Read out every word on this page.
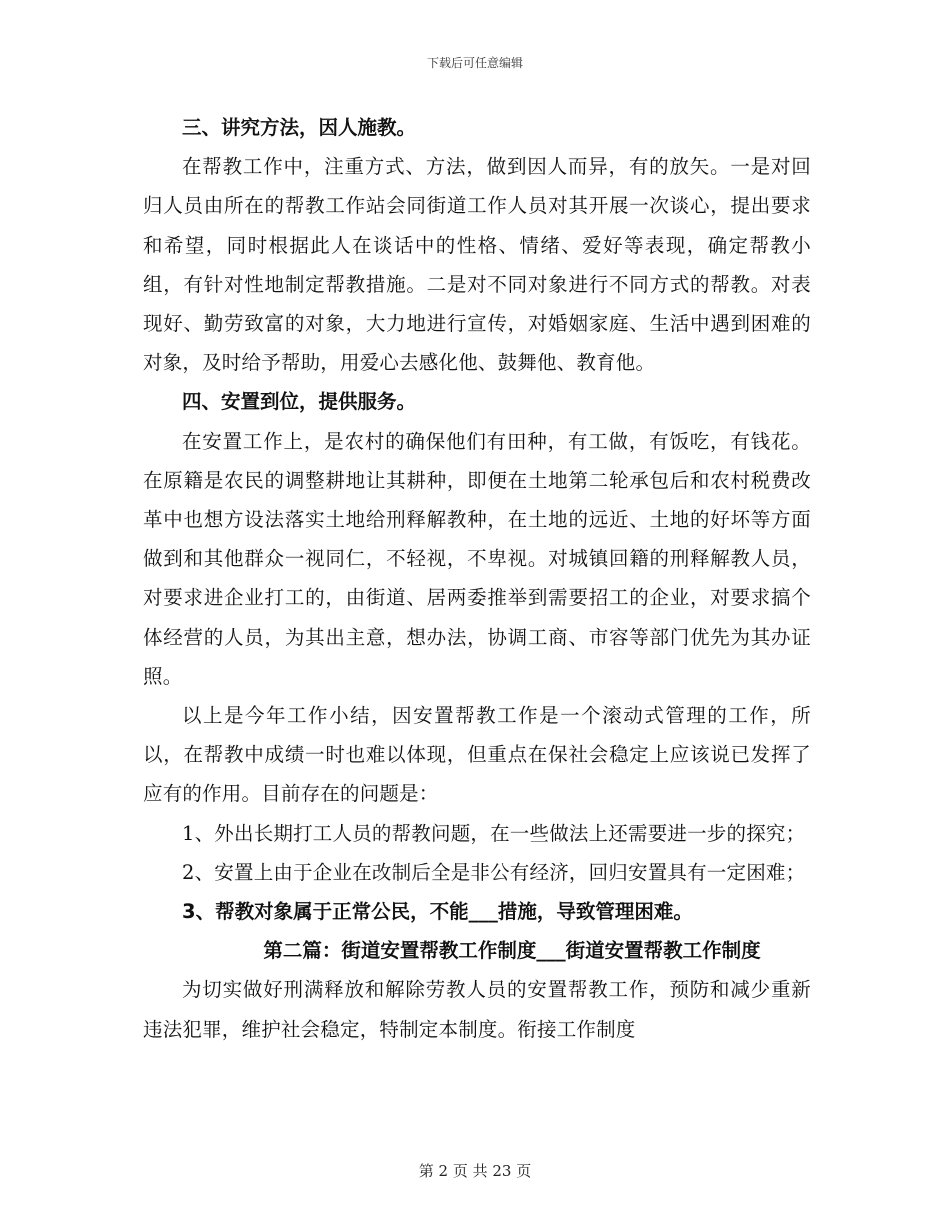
下载后可任意编辑

三、讲究方法，因人施教。

在帮教工作中，注重方式、方法，做到因人而异，有的放矢。一是对回归人员由所在的帮教工作站会同街道工作人员对其开展一次谈心，提出要求和希望，同时根据此人在谈话中的性格、情绪、爱好等表现，确定帮教小组，有针对性地制定帮教措施。二是对不同对象进行不同方式的帮教。对表现好、勤劳致富的对象，大力地进行宣传，对婚姻家庭、生活中遇到困难的对象，及时给予帮助，用爱心去感化他、鼓舞他、教育他。

四、安置到位，提供服务。

在安置工作上，是农村的确保他们有田种，有工做，有饭吃，有钱花。在原籍是农民的调整耕地让其耕种，即便在土地第二轮承包后和农村税费改革中也想方设法落实土地给刑释解教种，在土地的远近、土地的好坏等方面做到和其他群众一视同仁，不轻视，不卑视。对城镇回籍的刑释解教人员，对要求进企业打工的，由街道、居两委推举到需要招工的企业，对要求搞个体经营的人员，为其出主意，想办法，协调工商、市容等部门优先为其办证照。

以上是今年工作小结，因安置帮教工作是一个滚动式管理的工作，所以，在帮教中成绩一时也难以体现，但重点在保社会稳定上应该说已发挥了应有的作用。目前存在的问题是：

1、外出长期打工人员的帮教问题，在一些做法上还需要进一步的探究；

2、安置上由于企业在改制后全是非公有经济，回归安置具有一定困难；

3、帮教对象属于正常公民，不能___措施，导致管理困难。

第二篇：街道安置帮教工作制度___街道安置帮教工作制度

为切实做好刑满释放和解除劳教人员的安置帮教工作，预防和减少重新违法犯罪，维护社会稳定，特制定本制度。衔接工作制度

第 2 页 共 23 页
